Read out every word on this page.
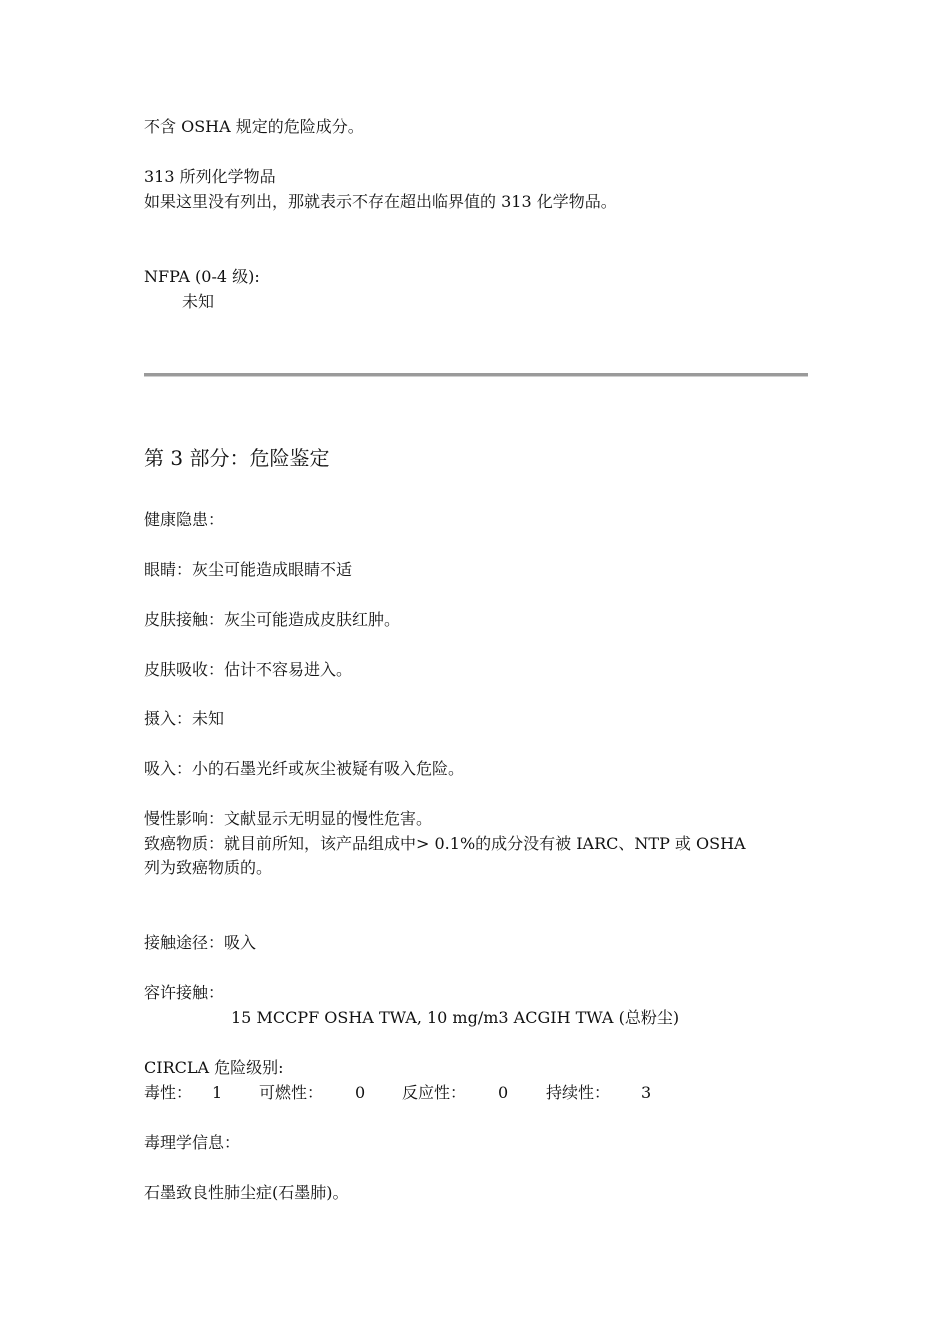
不含 OSHA 规定的危险成分。

313 所列化学物品

如果这里没有列出，那就表示不存在超出临界值的 313 化学物品。

NFPA (0-4 级):

未知

第 3 部分：危险鉴定

健康隐患：

眼睛：灰尘可能造成眼睛不适

皮肤接触：灰尘可能造成皮肤红肿。

皮肤吸收：估计不容易进入。

摄入：未知

吸入：小的石墨光纤或灰尘被疑有吸入危险。

慢性影响：文献显示无明显的慢性危害。

致癌物质：就目前所知，该产品组成中> 0.1%的成分没有被 IARC、NTP 或 OSHA

列为致癌物质的。

接触途径：吸入

容许接触：

15 MCCPF OSHA TWA, 10 mg/m3 ACGIH TWA (总粉尘)

CIRCLA 危险级别:

毒性： 1 可燃性： 0 反应性： 0 持续性： 3

毒理学信息：

石墨致良性肺尘症(石墨肺)。
